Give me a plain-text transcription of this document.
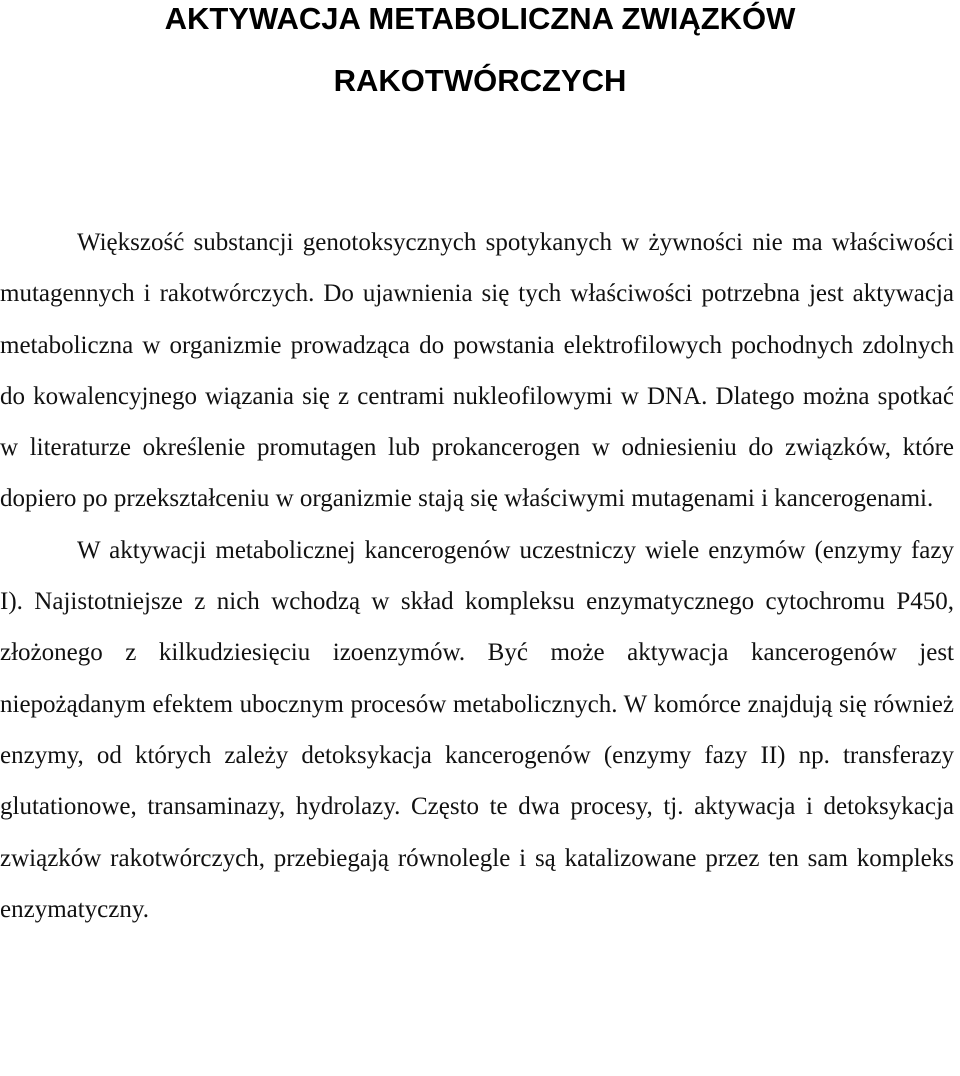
AKTYWACJA METABOLICZNA ZWIĄZKÓW
RAKOTWÓRCZYCH

Większość substancji genotoksycznych spotykanych w żywności nie ma właściwości mutagennych i rakotwórczych. Do ujawnienia się tych właściwości potrzebna jest aktywacja metaboliczna w organizmie prowadząca do powstania elektrofilowych pochodnych zdolnych do kowalencyjnego wiązania się z centrami nukleofilowymi w DNA. Dlatego można spotkać w literaturze określenie promutagen lub prokancerogen w odniesieniu do związków, które dopiero po przekształceniu w organizmie stają się właściwymi mutagenami i kancerogenami.

W aktywacji metabolicznej kancerogenów uczestniczy wiele enzymów (enzymy fazy I). Najistotniejsze z nich wchodzą w skład kompleksu enzymatycznego cytochromu P450, złożonego z kilkudziesięciu izoenzymów. Być może aktywacja kancerogenów jest niepożądanym efektem ubocznym procesów metabolicznych. W komórce znajdują się również enzymy, od których zależy detoksykacja kancerogenów (enzymy fazy II) np. transferazy glutationowe, transaminazy, hydrolazy. Często te dwa procesy, tj. aktywacja i detoksykacja związków rakotwórczych, przebiegają równolegle i są katalizowane przez ten sam kompleks enzymatyczny.
